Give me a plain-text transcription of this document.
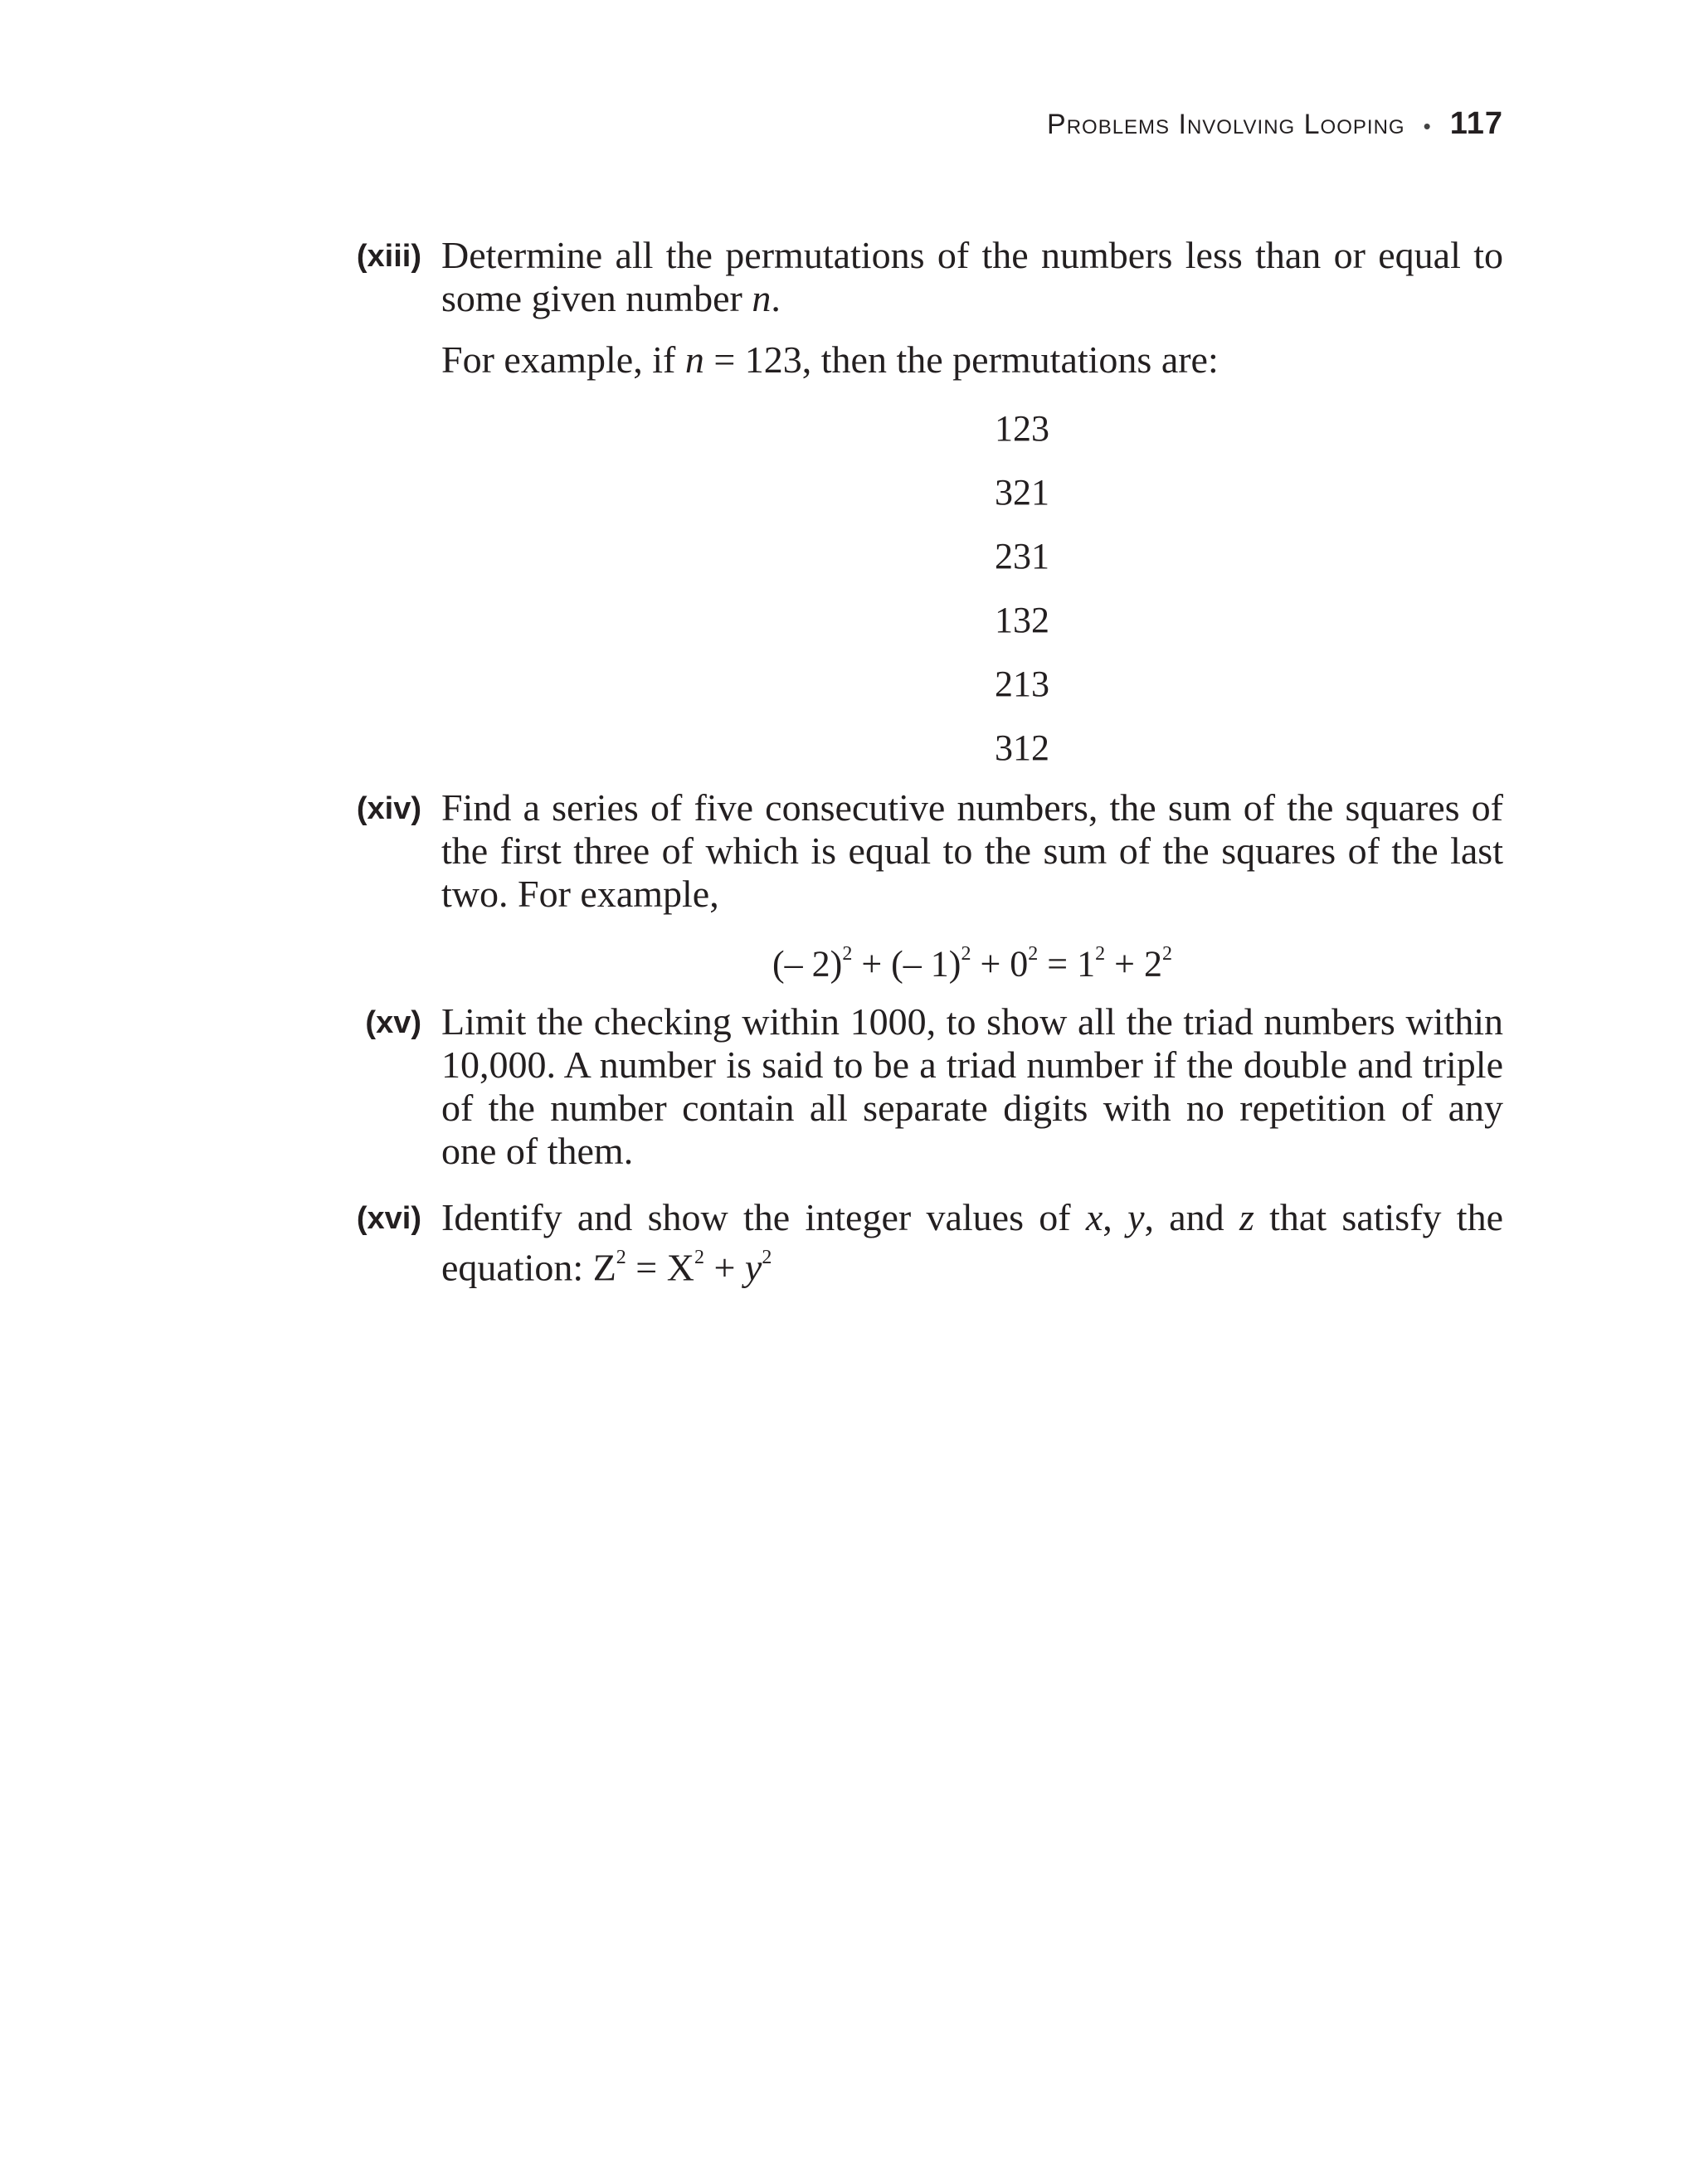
Problems Involving Looping • 117
(xiii) Determine all the permutations of the numbers less than or equal to some given number n.

For example, if n = 123, then the permutations are:

123
321
231
132
213
312
(xiv) Find a series of five consecutive numbers, the sum of the squares of the first three of which is equal to the sum of the squares of the last two. For example,

(– 2)$^2$ + (– $1)^2 + 0^2 = 1^2 + 2^2$
(xv) Limit the checking within 1000, to show all the triad numbers within 10,000. A number is said to be a triad number if the double and triple of the number contain all separate digits with no repetition of any one of them.

(xvi) Identify and show the integer values of x, y, and z that satisfy the equation: $Z^2 = X^2 + y^2$
